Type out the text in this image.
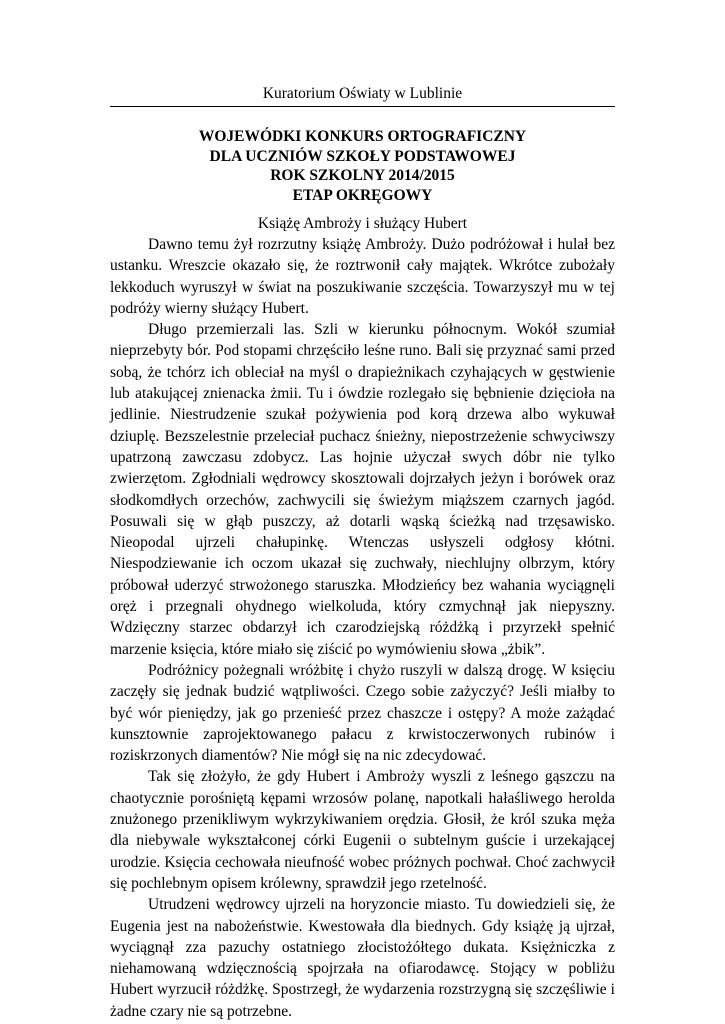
Kuratorium Oświaty w Lublinie
WOJEWÓDKI KONKURS ORTOGRAFICZNY
DLA UCZNIÓW SZKOŁY PODSTAWOWEJ
ROK SZKOLNY 2014/2015
ETAP OKRĘGOWY
Książę Ambroży i służący Hubert

Dawno temu żył rozrzutny książę Ambroży. Dużo podróżował i hulał bez ustanku. Wreszcie okazało się, że roztrwonił cały majątek. Wkrótce zubożały lekkoduch wyruszył w świat na poszukiwanie szczęścia. Towarzyszył mu w tej podróży wierny służący Hubert.

Długo przemierzali las. Szli w kierunku północnym. Wokół szumiał nieprzebyty bór. Pod stopami chrzęściło leśne runo. Bali się przyznać sami przed sobą, że tchórz ich obleciał na myśl o drapieżnikach czyhających w gęstwienie lub atakującej znienacka żmii. Tu i ówdzie rozlegało się bębnienie dzięcioła na jedlinie. Niestrudzenie szukał pożywienia pod korą drzewa albo wykuwał dziuplę. Bezszelestnie przeleciał puchacz śnieżny, niepostrzeżenie schwyciwszy upatrzoną zawczasu zdobycz. Las hojnie użyczał swych dóbr nie tylko zwierzętom. Zgłodniali wędrowcy skosztowali dojrzałych jeżyn i borówek oraz słodkomdłych orzechów, zachwycili się świeżym miąższem czarnych jagód. Posuwali się w głąb puszczy, aż dotarli wąską ścieżką nad trzęsawisko. Nieopodal ujrzeli chałupinkę. Wtenczas usłyszeli odgłosy kłótni. Niespodziewanie ich oczom ukazał się zuchwały, niechlujny olbrzym, który próbował uderzyć strwożonego staruszka. Młodzieńcy bez wahania wyciągnęli oręż i przegnali ohydnego wielkoluda, który czmychnął jak niepyszny. Wdzięczny starzec obdarzył ich czarodziejską różdżką i przyrzekł spełnić marzenie księcia, które miało się ziścić po wymówieniu słowa „żbik”.

Podróżnicy pożegnali wróżbitę i chyżo ruszyli w dalszą drogę. W księciu zaczęły się jednak budzić wątpliwości. Czego sobie zażyczyć? Jeśli miałby to być wór pieniędzy, jak go przenieść przez chaszcze i ostępy? A może zażądać kunsztownie zaprojektowanego pałacu z krwistoczerwonych rubinów i roziskrzonych diamentów? Nie mógł się na nic zdecydować.

Tak się złożyło, że gdy Hubert i Ambroży wyszli z leśnego gąszczu na chaotycznie porośniętą kępami wrzosów polanę, napotkali hałaśliwego herolda znużonego przenikliwym wykrzykiwaniem orędzia. Głosił, że król szuka męża dla niebywale wykształconej córki Eugenii o subtelnym guście i urzekającej urodzie. Księcia cechowała nieufność wobec próżnych pochwał. Choć zachwycił się pochlebnym opisem królewny, sprawdził jego rzetelność.

Utrudzeni wędrowcy ujrzeli na horyzoncie miasto. Tu dowiedzieli się, że Eugenia jest na nabożeństwie. Kwestowała dla biednych. Gdy książę ją ujrzał, wyciągnął zza pazuchy ostatniego złocistożółtego dukata. Księżniczka z niehamowaną wdzięcznością spojrzała na ofiarodawcę. Stojący w pobliżu Hubert wyrzucił różdżkę. Spostrzegł, że wydarzenia rozstrzygną się szczęśliwie i żadne czary nie są potrzebne.
